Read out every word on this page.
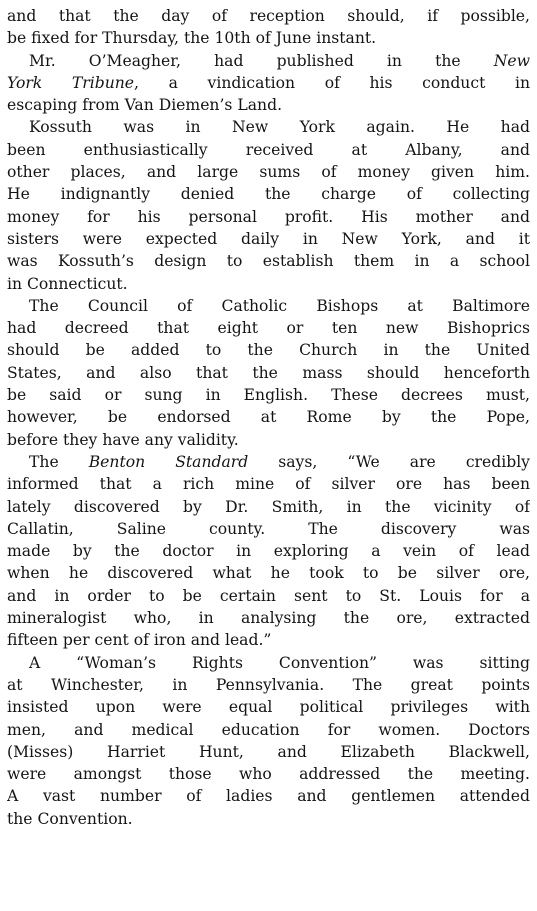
and that the day of reception should, if possible,
be fixed for Thursday, the 10th of June instant.
Mr. O’Meagher, had published in the New
York Tribune, a vindication of his conduct in
escaping from Van Diemen’s Land.
Kossuth was in New York again. He had
been enthusiastically received at Albany, and
other places, and large sums of money given him.
He indignantly denied the charge of collecting
money for his personal profit. His mother and
sisters were expected daily in New York, and it
was Kossuth’s design to establish them in a school
in Connecticut.
The Council of Catholic Bishops at Baltimore
had decreed that eight or ten new Bishoprics
should be added to the Church in the United
States, and also that the mass should henceforth
be said or sung in English. These decrees must,
however, be endorsed at Rome by the Pope,
before they have any validity.
The Benton Standard says, “We are credibly
informed that a rich mine of silver ore has been
lately discovered by Dr. Smith, in the vicinity of
Callatin, Saline county. The discovery was
made by the doctor in exploring a vein of lead
when he discovered what he took to be silver ore,
and in order to be certain sent to St. Louis for a
mineralogist who, in analysing the ore, extracted
fifteen per cent of iron and lead.”
A “Woman’s Rights Convention” was sitting
at Winchester, in Pennsylvania. The great points
insisted upon were equal political privileges with
men, and medical education for women. Doctors
(Misses) Harriet Hunt, and Elizabeth Blackwell,
were amongst those who addressed the meeting.
A vast number of ladies and gentlemen attended
the Convention.
